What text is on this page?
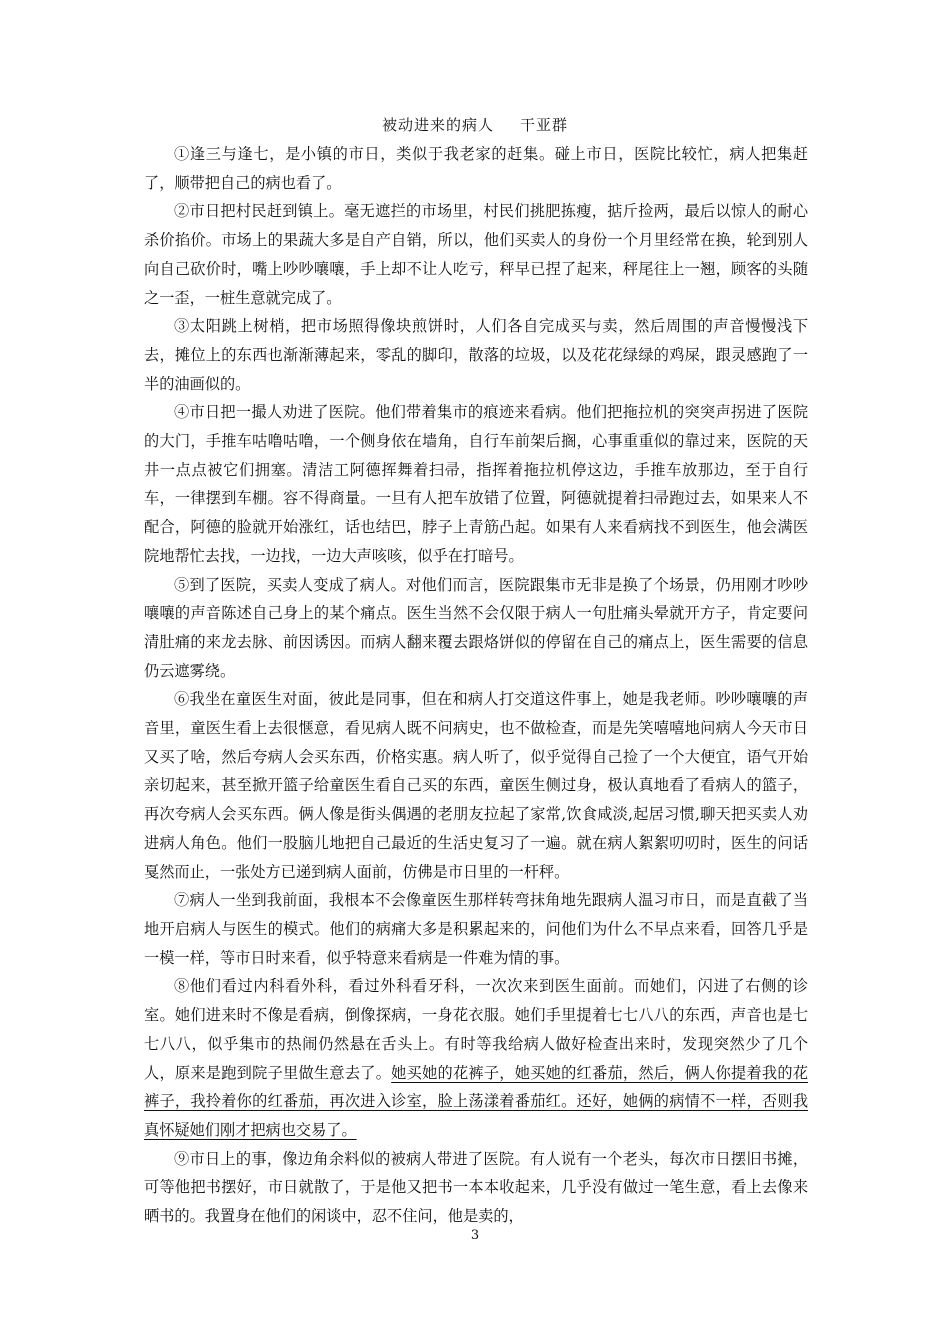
被动进来的病人 干亚群

①逢三与逢七，是小镇的市日，类似于我老家的赶集。碰上市日，医院比较忙，病人把集赶了，顺带把自己的病也看了。

②市日把村民赶到镇上。毫无遮拦的市场里，村民们挑肥拣瘦，掂斤捡两，最后以惊人的耐心杀价掐价。市场上的果蔬大多是自产自销，所以，他们买卖人的身份一个月里经常在换，轮到别人向自己砍价时，嘴上吵吵嚷嚷，手上却不让人吃亏，秤早已捏了起来，秤尾往上一翘，顾客的头随之一歪，一桩生意就完成了。

③太阳跳上树梢，把市场照得像块煎饼时，人们各自完成买与卖，然后周围的声音慢慢浅下去，摊位上的东西也渐渐薄起来，零乱的脚印，散落的垃圾，以及花花绿绿的鸡屎，跟灵感跑了一半的油画似的。

④市日把一撮人劝进了医院。他们带着集市的痕迹来看病。他们把拖拉机的突突声拐进了医院的大门，手推车咕噜咕噜，一个侧身依在墙角，自行车前架后搁，心事重重似的靠过来，医院的天井一点点被它们拥塞。清洁工阿德挥舞着扫帚，指挥着拖拉机停这边，手推车放那边，至于自行车，一律摆到车棚。容不得商量。一旦有人把车放错了位置，阿德就提着扫帚跑过去，如果来人不配合，阿德的脸就开始涨红，话也结巴，脖子上青筋凸起。如果有人来看病找不到医生，他会满医院地帮忙去找，一边找，一边大声咳咳，似乎在打暗号。

⑤到了医院，买卖人变成了病人。对他们而言，医院跟集市无非是换了个场景，仍用刚才吵吵嚷嚷的声音陈述自己身上的某个痛点。医生当然不会仅限于病人一句肚痛头晕就开方子，肯定要问清肚痛的来龙去脉、前因诱因。而病人翻来覆去跟烙饼似的停留在自己的痛点上，医生需要的信息仍云遮雾绕。

⑥我坐在童医生对面，彼此是同事，但在和病人打交道这件事上，她是我老师。吵吵嚷嚷的声音里，童医生看上去很惬意，看见病人既不问病史，也不做检查，而是先笑嘻嘻地问病人今天市日又买了啥，然后夸病人会买东西，价格实惠。病人听了，似乎觉得自己捡了一个大便宜，语气开始亲切起来，甚至掀开篮子给童医生看自己买的东西，童医生侧过身，极认真地看了看病人的篮子，再次夸病人会买东西。俩人像是街头偶遇的老朋友拉起了家常,饮食咸淡,起居习惯,聊天把买卖人劝进病人角色。他们一股脑儿地把自己最近的生活史复习了一遍。就在病人絮絮叨叨时，医生的问话戛然而止，一张处方已递到病人面前，仿佛是市日里的一杆秤。

⑦病人一坐到我前面，我根本不会像童医生那样转弯抹角地先跟病人温习市日，而是直截了当地开启病人与医生的模式。他们的病痛大多是积累起来的，问他们为什么不早点来看，回答几乎是一模一样，等市日时来看，似乎特意来看病是一件难为情的事。

⑧他们看过内科看外科，看过外科看牙科，一次次来到医生面前。而她们，闪进了右侧的诊室。她们进来时不像是看病，倒像探病，一身花衣服。她们手里提着七七八八的东西，声音也是七七八八，似乎集市的热闹仍然悬在舌头上。有时等我给病人做好检查出来时，发现突然少了几个人，原来是跑到院子里做生意去了。她买她的花裤子，她买她的红番茄，然后，俩人你提着我的花裤子，我拎着你的红番茄，再次进入诊室，脸上荡漾着番茄红。还好，她俩的病情不一样，否则我真怀疑她们刚才把病也交易了。

⑨市日上的事，像边角余料似的被病人带进了医院。有人说有一个老头，每次市日摆旧书摊，可等他把书摆好，市日就散了，于是他又把书一本本收起来，几乎没有做过一笔生意，看上去像来晒书的。我置身在他们的闲谈中，忍不住问，他是卖的，

3
